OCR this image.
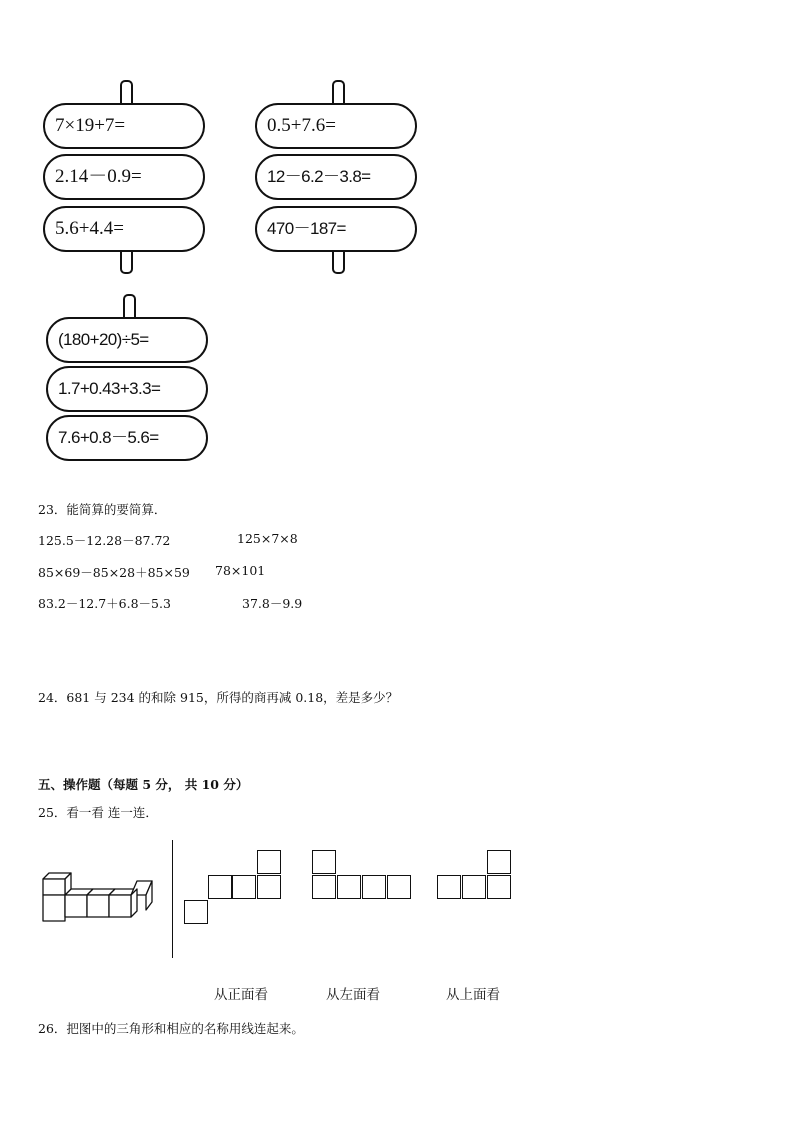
7×19+7=
2.14－0.9=
5.6+4.4=
0.5+7.6=
12－6.2－3.8=
470－187=
(180+20)÷5=
1.7+0.43+3.3=
7.6+0.8－5.6=
23．能简算的要简算．
125.5－12.28－87.72	125×7×8
85×69－85×28＋85×59 78×101
83.2－12.7＋6.8－5.3	37.8－9.9
24．681 与 234 的和除 915，所得的商再减 0.18，差是多少？
五、操作题（每题 5 分， 共 10 分）
25．看一看 连一连．
从正面看	从左面看	从上面看
26．把图中的三角形和相应的名称用线连起来。
